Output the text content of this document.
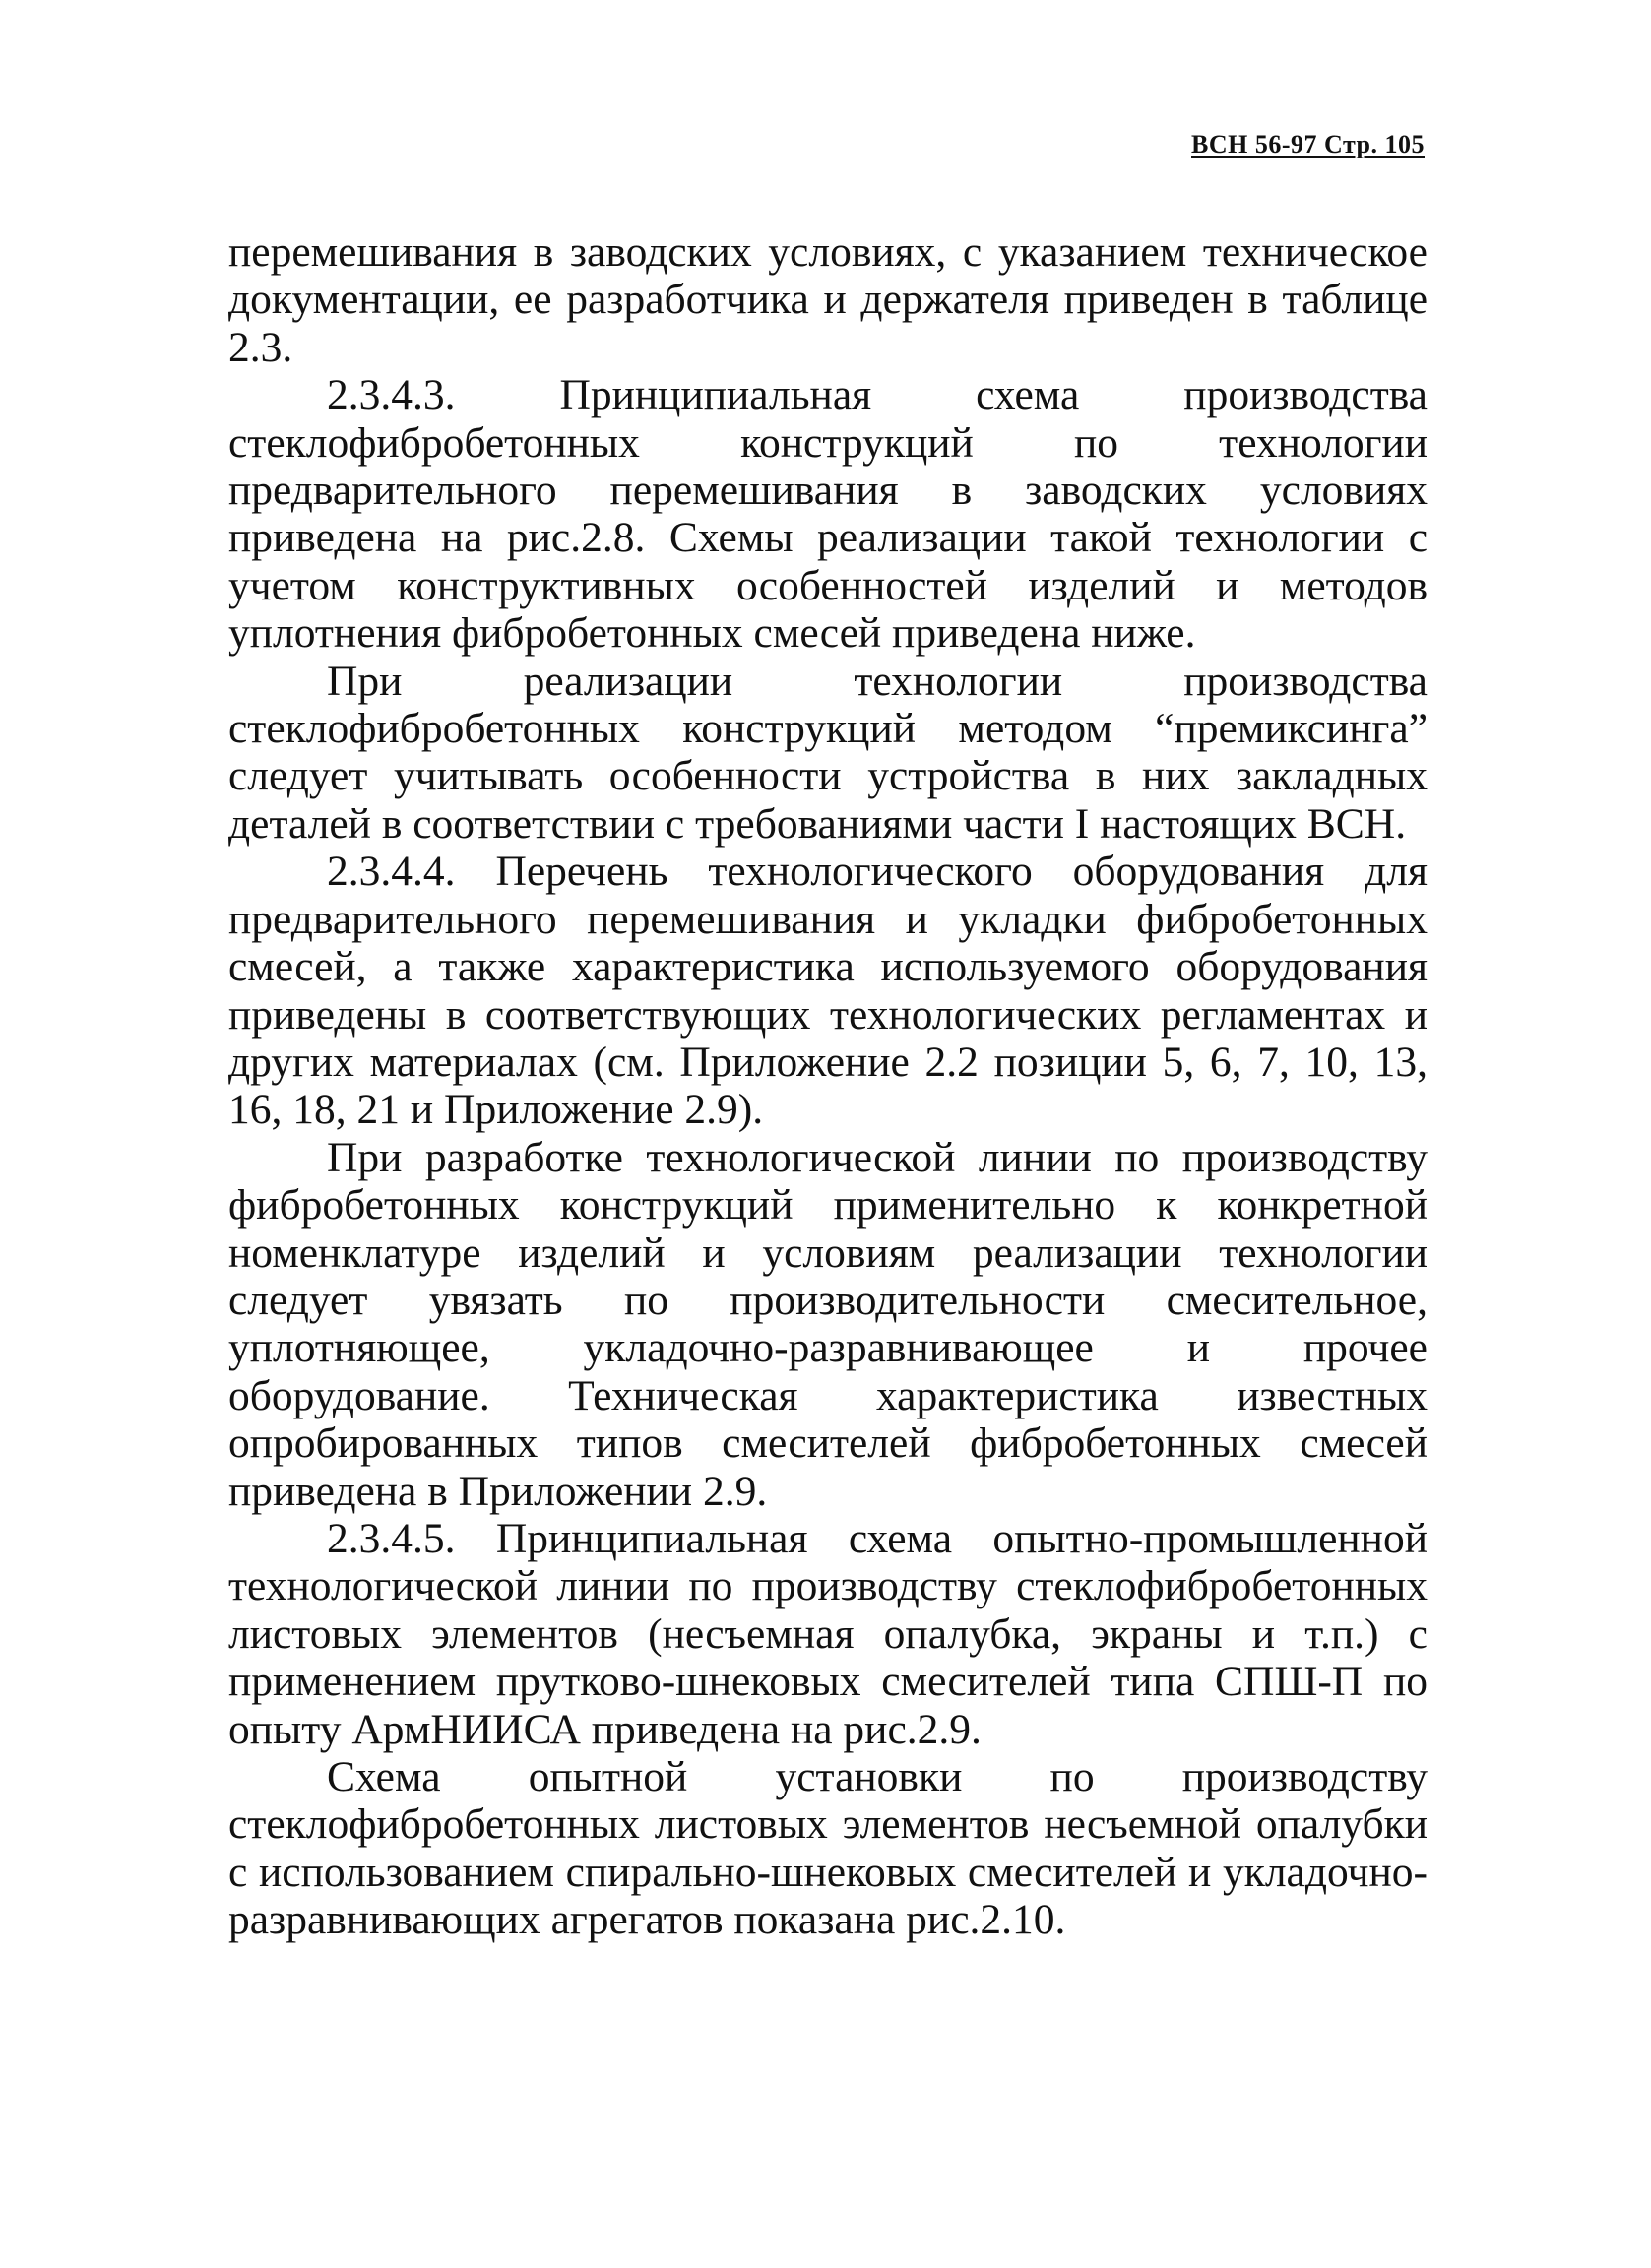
ВСН 56-97 Стр. 105

перемешивания в заводских условиях, с указанием техническое документации, ее разработчика и держателя приведен в таблице 2.3.

2.3.4.3. Принципиальная схема производства стеклофибробетонных конструкций по технологии предварительного перемешивания в заводских условиях приведена на рис.2.8. Схемы реализации такой технологии с учетом конструктивных особенностей изделий и методов уплотнения фибробетонных смесей приведена ниже.

При реализации технологии производства стеклофибробетонных конструкций методом “премиксинга” следует учитывать особенности устройства в них закладных деталей в соответствии с требованиями части I настоящих ВСН.

2.3.4.4. Перечень технологического оборудования для предварительного перемешивания и укладки фибробетонных смесей, а также характеристика используемого оборудования приведены в соответствующих технологических регламентах и других материалах (см. Приложение 2.2 позиции 5, 6, 7, 10, 13, 16, 18, 21 и Приложение 2.9).

При разработке технологической линии по производству фибробетонных конструкций применительно к конкретной номенклатуре изделий и условиям реализации технологии следует увязать по производительности смесительное, уплотняющее, укладочно-разравнивающее и прочее оборудование. Техническая характеристика известных опробированных типов смесителей фибробетонных смесей приведена в Приложении 2.9.

2.3.4.5. Принципиальная схема опытно-промышленной технологической линии по производству стеклофибробетонных листовых элементов (несъемная опалубка, экраны и т.п.) с применением прутково-шнековых смесителей типа СПШ-П по опыту АрмНИИСА приведена на рис.2.9.

Схема опытной установки по производству стеклофибробетонных листовых элементов несъемной опалубки с использованием спирально-шнековых смесителей и укладочно-разравнивающих агрегатов показана рис.2.10.
